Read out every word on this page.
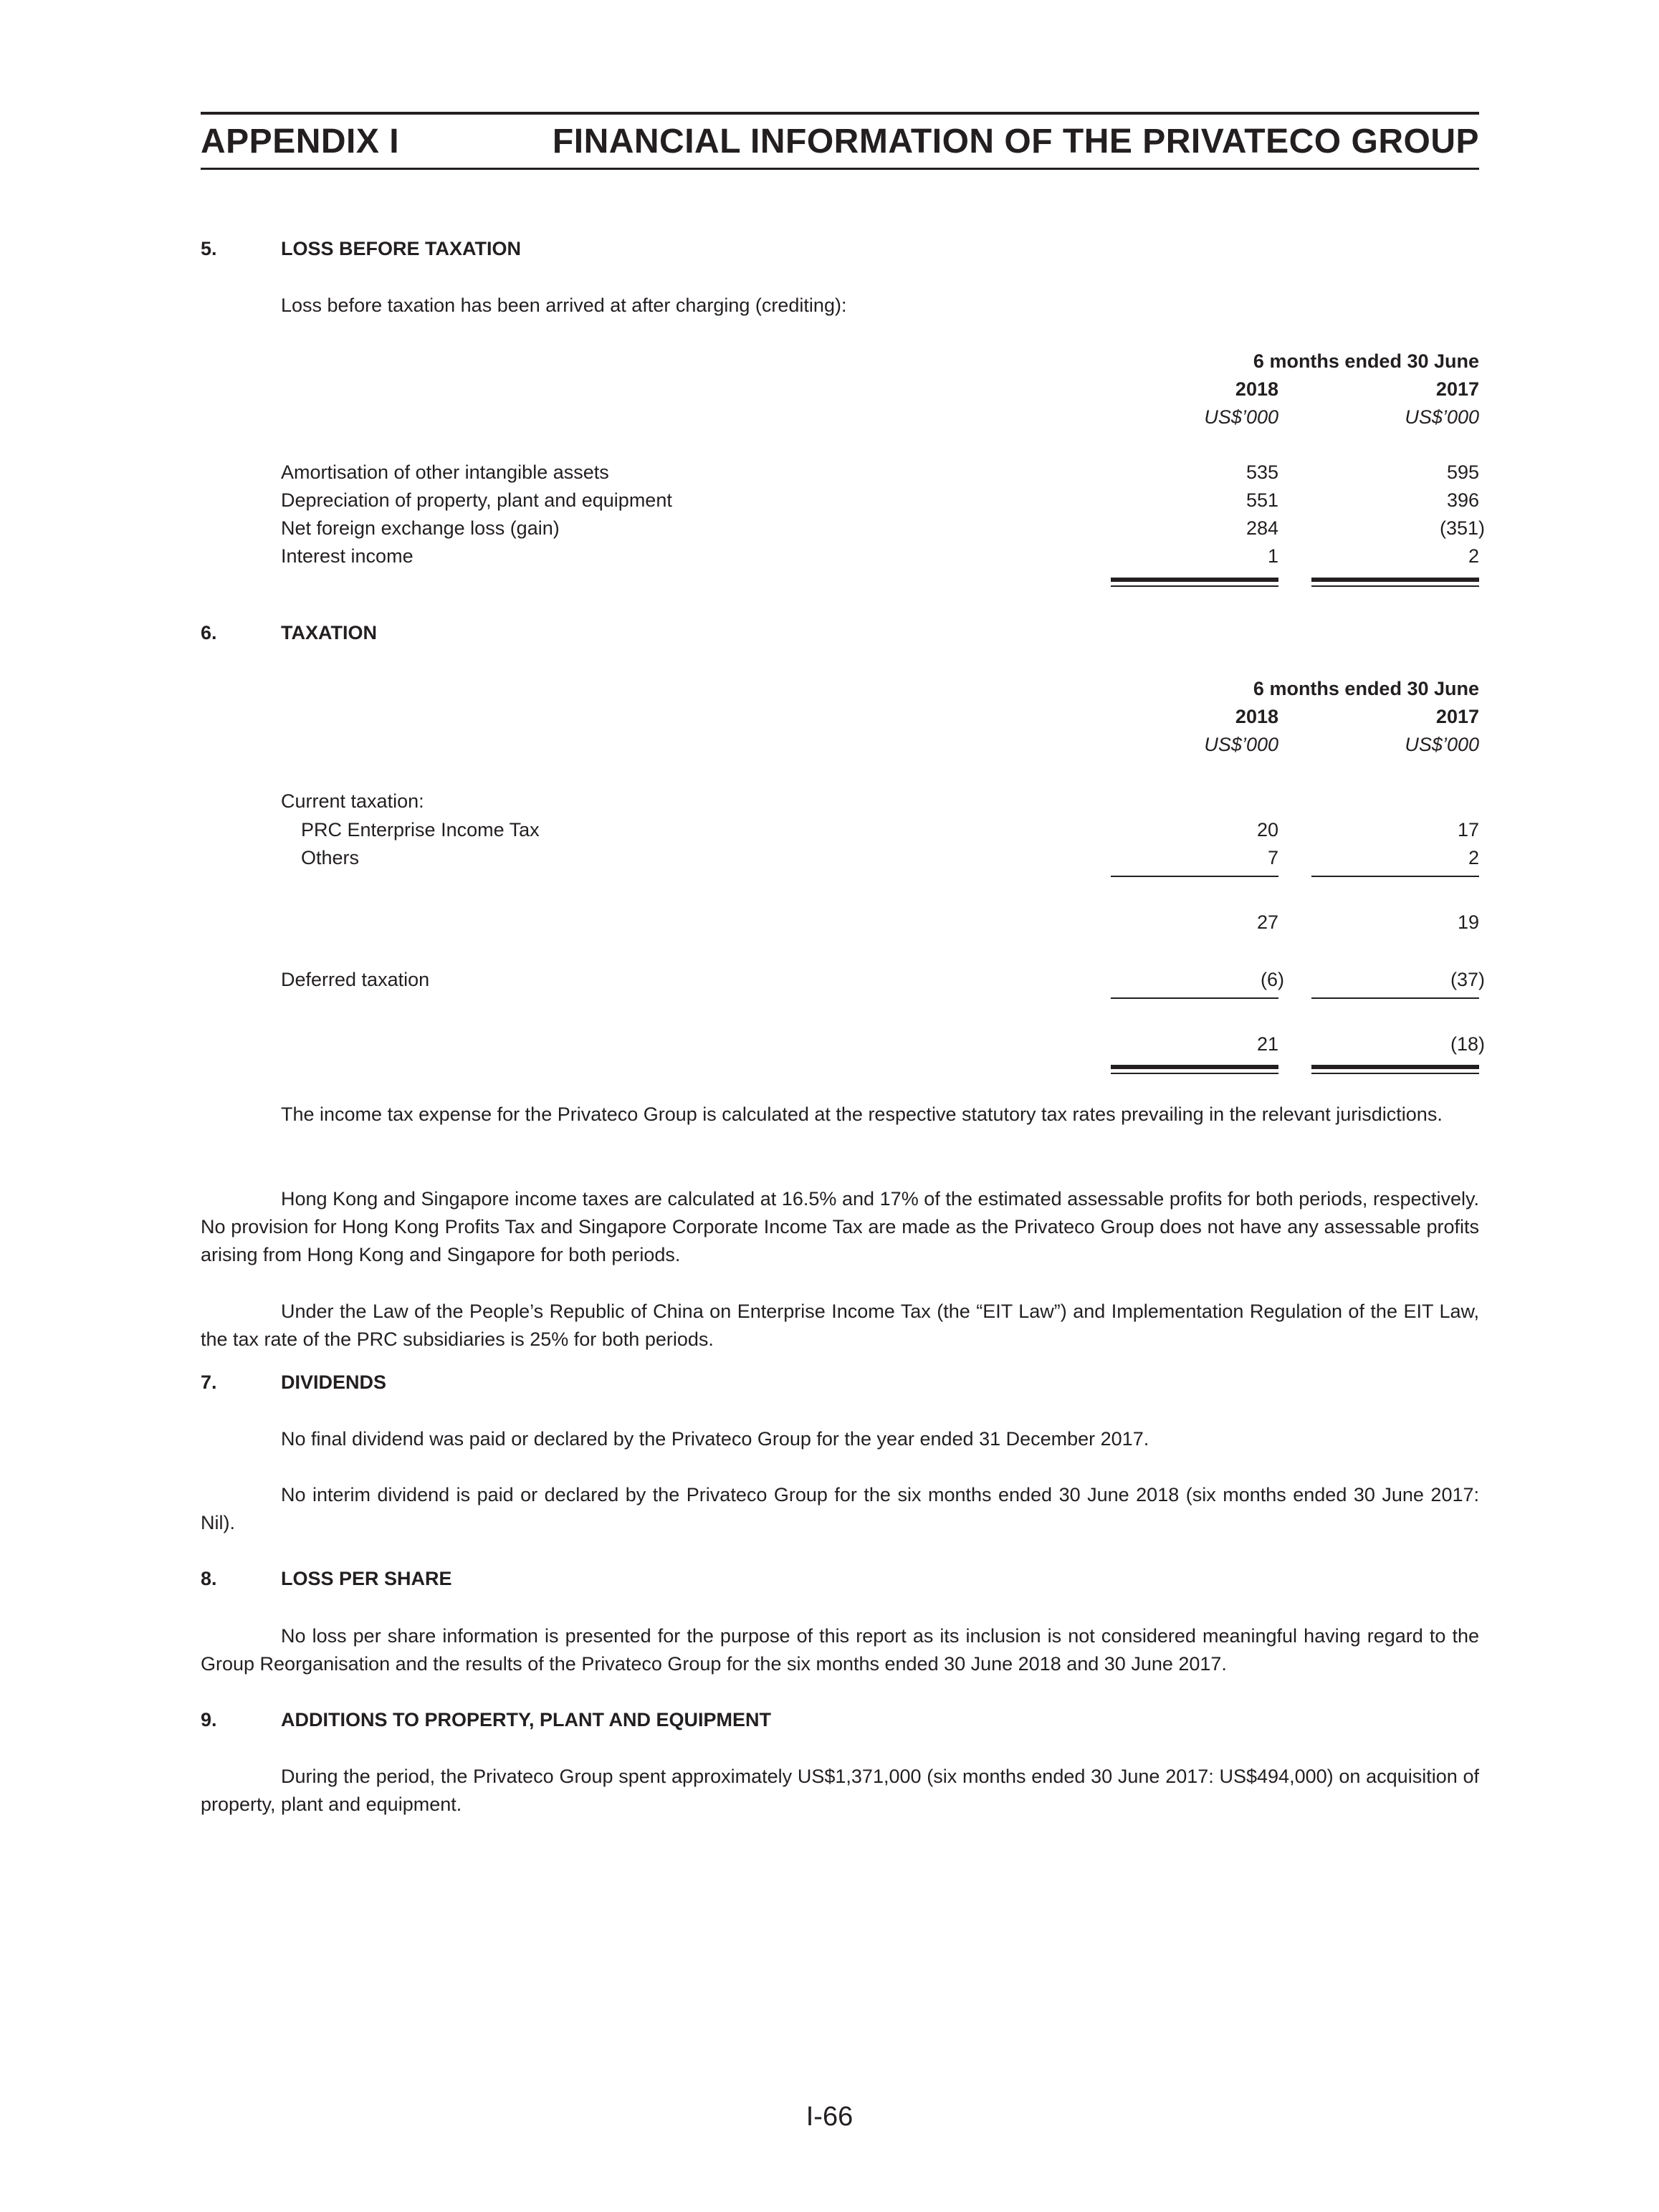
APPENDIX I	FINANCIAL INFORMATION OF THE PRIVATECO GROUP
5.	LOSS BEFORE TAXATION
Loss before taxation has been arrived at after charging (crediting):
6 months ended 30 June
2018	2017
US$’000	US$’000
Amortisation of other intangible assets	535	595
Depreciation of property, plant and equipment	551	396
Net foreign exchange loss (gain)	284	(351)
Interest income	1	2
6.	TAXATION
6 months ended 30 June
2018	2017
US$’000	US$’000
Current taxation:
PRC Enterprise Income Tax	20	17
Others	7	2
27	19
Deferred taxation	(6)	(37)
21	(18)
The income tax expense for the Privateco Group is calculated at the respective statutory tax rates prevailing in the relevant jurisdictions.
Hong Kong and Singapore income taxes are calculated at 16.5% and 17% of the estimated assessable profits for both periods, respectively. No provision for Hong Kong Profits Tax and Singapore Corporate Income Tax are made as the Privateco Group does not have any assessable profits arising from Hong Kong and Singapore for both periods.
Under the Law of the People’s Republic of China on Enterprise Income Tax (the “EIT Law”) and Implementation Regulation of the EIT Law, the tax rate of the PRC subsidiaries is 25% for both periods.
7.	DIVIDENDS
No final dividend was paid or declared by the Privateco Group for the year ended 31 December 2017.
No interim dividend is paid or declared by the Privateco Group for the six months ended 30 June 2018 (six months ended 30 June 2017: Nil).
8.	LOSS PER SHARE
No loss per share information is presented for the purpose of this report as its inclusion is not considered meaningful having regard to the Group Reorganisation and the results of the Privateco Group for the six months ended 30 June 2018 and 30 June 2017.
9.	ADDITIONS TO PROPERTY, PLANT AND EQUIPMENT
During the period, the Privateco Group spent approximately US$1,371,000 (six months ended 30 June 2017: US$494,000) on acquisition of property, plant and equipment.
I-66
